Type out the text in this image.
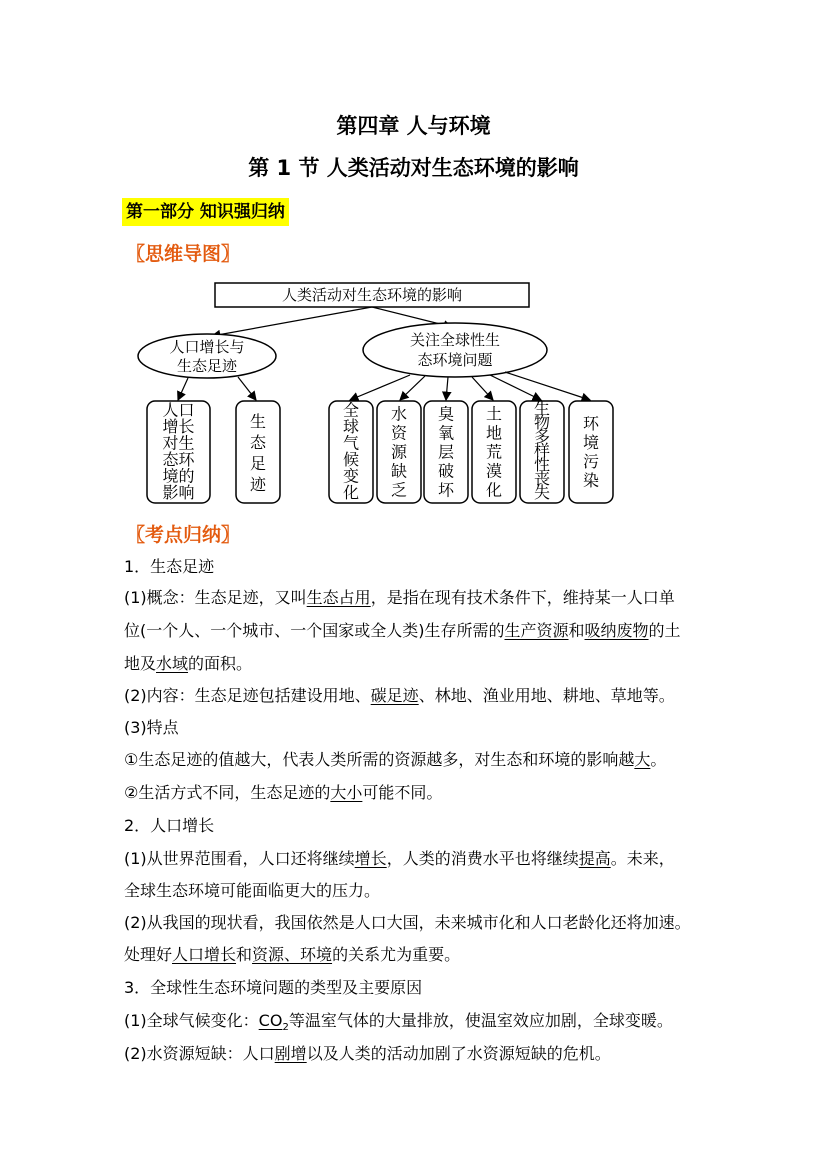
第四章 人与环境
第 1 节 人类活动对生态环境的影响
第一部分 知识强归纳
〖思维导图〗
人类活动对生态环境的影响
人口增长与
生态足迹
关注全球性生
态环境问题
人口
增长
对生
态环
境的
影响
生
态
足
迹
全
球
气
候
变
化
水
资
源
缺
乏
臭
氧
层
破
坏
土
地
荒
漠
化
生
物
多
样
性
丧
失
环
境
污
染
〖考点归纳〗
1．生态足迹
(1)概念：生态足迹，又叫生态占用，是指在现有技术条件下，维持某一人口单
位(一个人、一个城市、一个国家或全人类)生存所需的生产资源和吸纳废物的土
地及水域的面积。
(2)内容：生态足迹包括建设用地、碳足迹、林地、渔业用地、耕地、草地等。
(3)特点
①生态足迹的值越大，代表人类所需的资源越多，对生态和环境的影响越大。
②生活方式不同，生态足迹的大小可能不同。
2．人口增长
(1)从世界范围看，人口还将继续增长，人类的消费水平也将继续提高。未来，
全球生态环境可能面临更大的压力。
(2)从我国的现状看，我国依然是人口大国，未来城市化和人口老龄化还将加速。
处理好人口增长和资源、环境的关系尤为重要。
3．全球性生态环境问题的类型及主要原因
(1)全球气候变化：$CO_2$等温室气体的大量排放，使温室效应加剧，全球变暖。
(2)水资源短缺：人口剧增以及人类的活动加剧了水资源短缺的危机。
